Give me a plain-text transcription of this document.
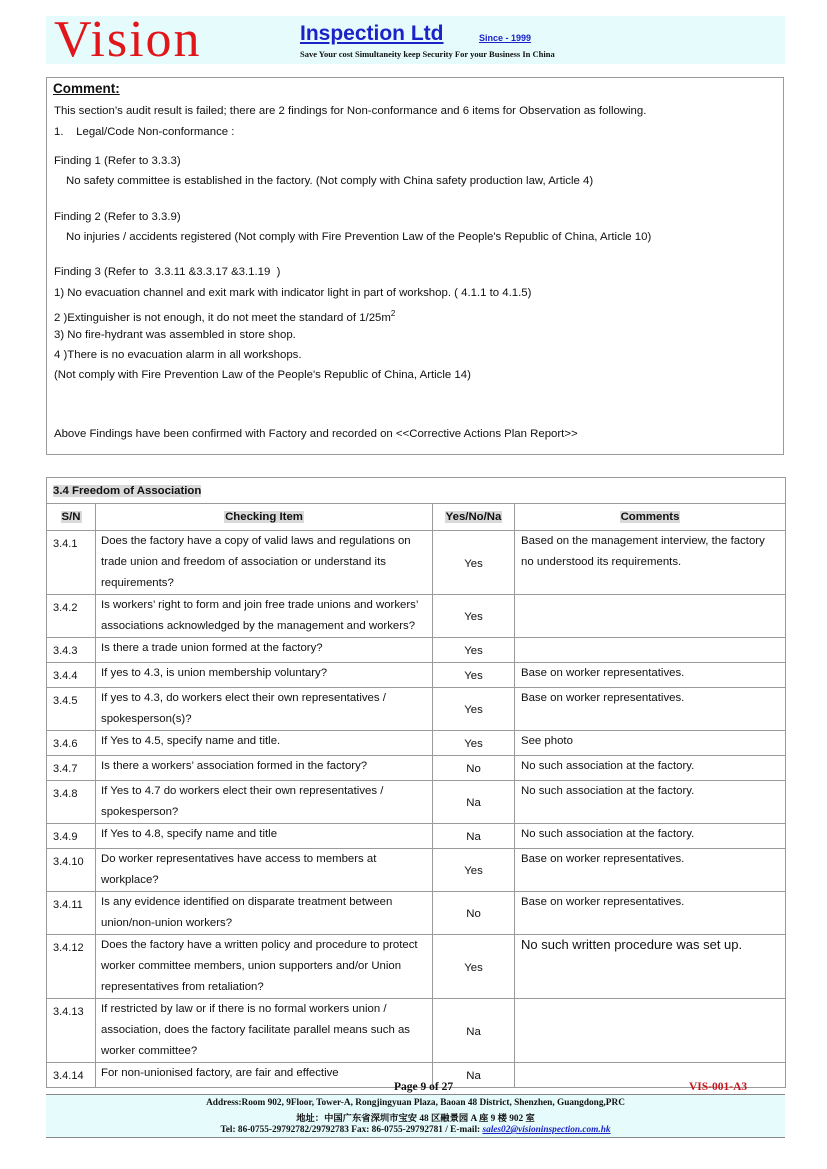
Vision	Inspection Ltd	Since - 1999
Save Your cost Simultaneity keep Security For your Business In China
Comment:
This section’s audit result is failed; there are 2 findings for Non-conformance and 6 items for Observation as following.
1.    Legal/Code Non-conformance :
Finding 1 (Refer to 3.3.3)
No safety committee is established in the factory. (Not comply with China safety production law, Article 4)
Finding 2 (Refer to 3.3.9)
No injuries / accidents registered (Not comply with Fire Prevention Law of the People's Republic of China, Article 10)
Finding 3 (Refer to  3.3.11 &3.3.17 &3.1.19  )
1) No evacuation channel and exit mark with indicator light in part of workshop. ( 4.1.1 to 4.1.5)
2 )Extinguisher is not enough, it do not meet the standard of $1/25m^2$
3) No fire-hydrant was assembled in store shop.
4 )There is no evacuation alarm in all workshops.
(Not comply with Fire Prevention Law of the People's Republic of China, Article 14)
Above Findings have been confirmed with Factory and recorded on <<Corrective Actions Plan Report>>
3.4 Freedom of Association			
S/N	Checking Item	Yes/No/Na	Comments
3.4.1	Does the factory have a copy of valid laws and regulations on trade union and freedom of association or understand its requirements?	Yes	Based on the management interview, the factory no understood its requirements.
3.4.2	Is workers’ right to form and join free trade unions and workers’ associations acknowledged by the management and workers?	Yes	
3.4.3	Is there a trade union formed at the factory?	Yes	
3.4.4	If yes to 4.3, is union membership voluntary?	Yes	Base on worker representatives.
3.4.5	If yes to 4.3, do workers elect their own representatives / spokesperson(s)?	Yes	Base on worker representatives.
3.4.6	If Yes to 4.5, specify name and title.	Yes	See photo
3.4.7	Is there a workers’ association formed in the factory?	No	No such association at the factory.
3.4.8	If Yes to 4.7 do workers elect their own representatives / spokesperson?	Na	No such association at the factory.
3.4.9	If Yes to 4.8, specify name and title	Na	No such association at the factory.
3.4.10	Do worker representatives have access to members at workplace?	Yes	Base on worker representatives.
3.4.11	Is any evidence identified on disparate treatment between union/non-union workers?	No	Base on worker representatives.
3.4.12	Does the factory have a written policy and procedure to protect worker committee members, union supporters and/or Union representatives from retaliation?	Yes	No such written procedure was set up.
3.4.13	If restricted by law or if there is no formal workers union / association, does the factory facilitate parallel means such as worker committee?	Na	
3.4.14	For non-unionised factory, are fair and effective	Na	
Page 9 of 27	VIS-001-A3
Address:Room 902, 9Floor, Tower-A, Rongjingyuan Plaza, Baoan 48 District, Shenzhen, Guangdong,PRC
地址：中国广东省深圳市宝安 48 区融景园 A 座 9 楼 902 室
Tel: 86-0755-29792782/29792783 Fax: 86-0755-29792781 / E-mail: sales02@visioninspection.com.hk
